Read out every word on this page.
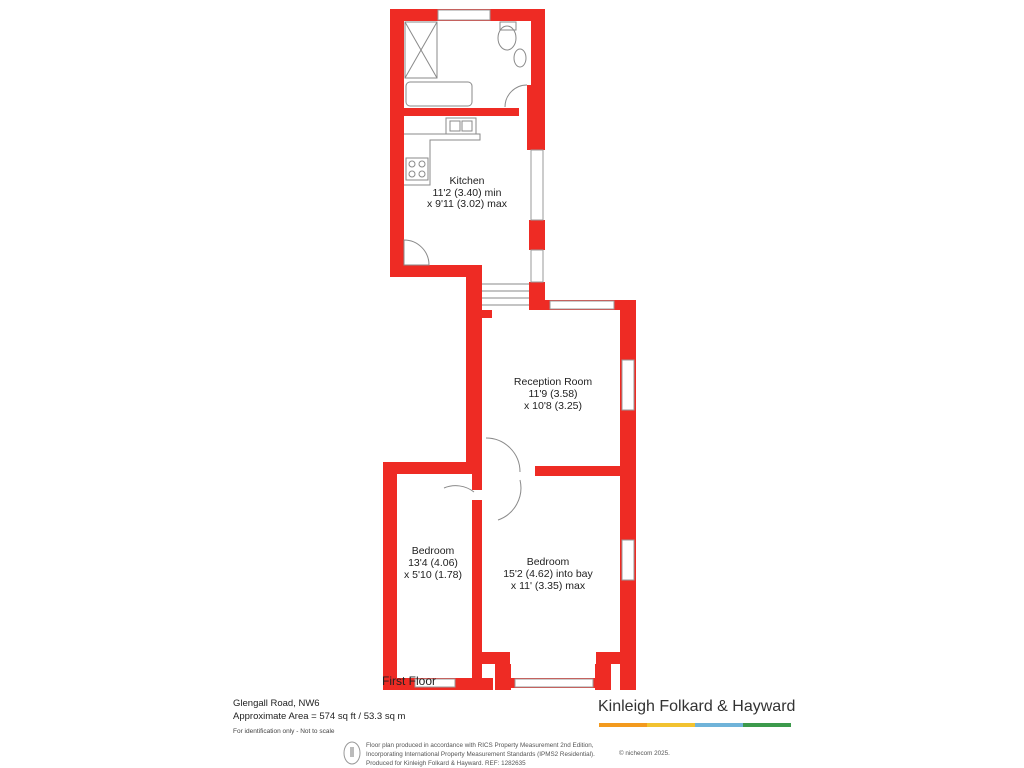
Kitchen
11'2 (3.40) min
x 9'11 (3.02) max
Reception Room
11'9 (3.58)
x 10'8 (3.25)
Bedroom
13'4 (4.06)
x 5'10 (1.78)
Bedroom
15'2 (4.62) into bay
x 11' (3.35) max
First Floor
Glengall Road, NW6
Approximate Area = 574 sq ft / 53.3 sq m
For identification only - Not to scale
Kinleigh Folkard & Hayward
Floor plan produced in accordance with RICS Property Measurement 2nd Edition,
Incorporating International Property Measurement Standards (IPMS2 Residential).
Produced for Kinleigh Folkard & Hayward. REF: 1282635
© nichecom 2025.
